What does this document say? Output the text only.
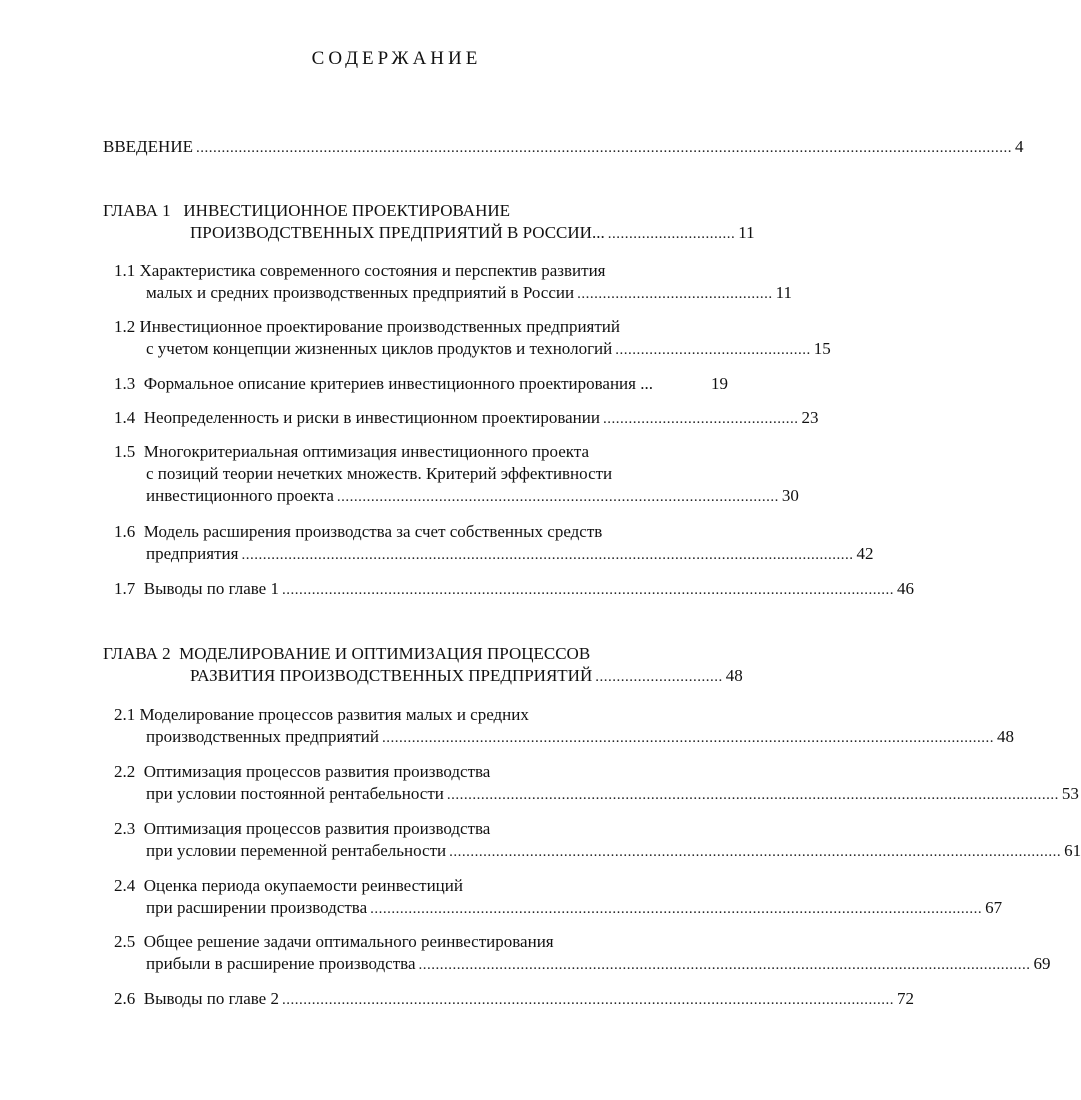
СОДЕРЖАНИЕ
ВВЕДЕНИЕ ................................................................................................................................................................................................ 4
ГЛАВА 1
ИНВЕСТИЦИОННОЕ ПРОЕКТИРОВАНИЕ
ПРОИЗВОДСТВЕННЫХ ПРЕДПРИЯТИЙ В РОССИИ... .............................. 11
1.1
Характеристика современного состояния и перспектив развития
малых и средних производственных предприятий в России .............................................. 11
1.2
Инвестиционное проектирование производственных предприятий
с учетом концепции жизненных циклов продуктов и технологий .............................................. 15
1.3
Формальное описание критериев инвестиционного проектирования ...	19
1.4
Неопределенность и риски в инвестиционном проектировании .............................................. 23
1.5
Многокритериальная оптимизация инвестиционного проекта
с позиций теории нечетких множеств. Критерий эффективности
инвестиционного проекта ........................................................................................................ 30
1.6
Модель расширения производства за счет собственных средств
предприятия ................................................................................................................................................ 42
1.7
Выводы по главе 1 ................................................................................................................................................ 46
ГЛАВА 2
МОДЕЛИРОВАНИЕ И ОПТИМИЗАЦИЯ ПРОЦЕССОВ
РАЗВИТИЯ ПРОИЗВОДСТВЕННЫХ ПРЕДПРИЯТИЙ .............................. 48
2.1
Моделирование процессов развития малых и средних
производственных предприятий ................................................................................................................................................ 48
2.2
Оптимизация процессов развития производства
при условии постоянной рентабельности ................................................................................................................................................ 53
2.3
Оптимизация процессов развития производства
при условии переменной рентабельности ................................................................................................................................................ 61
2.4
Оценка периода окупаемости реинвестиций
при расширении производства ................................................................................................................................................ 67
2.5
Общее решение задачи оптимального реинвестирования
прибыли в расширение производства ................................................................................................................................................ 69
2.6
Выводы по главе 2 ................................................................................................................................................ 72
